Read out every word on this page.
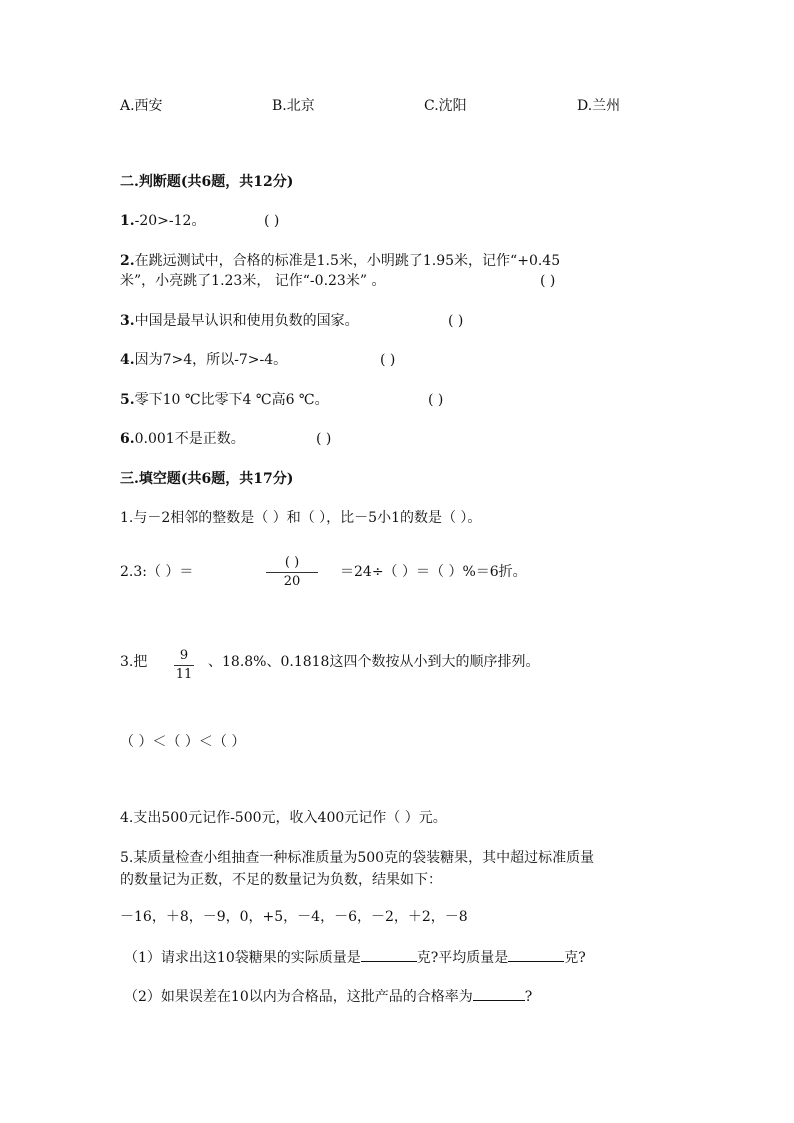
A.西安	B.北京	C.沈阳	D.兰州
二.判断题(共6题，共12分)
1.-20>-12。	( )
2.在跳远测试中，合格的标准是1.5米，小明跳了1.95米，记作“+0.45
米”，小亮跳了1.23米， 记作“-0.23米” 。	( )
3.中国是最早认识和使用负数的国家。	( )
4.因为7>4，所以-7>-4。	( )
5.零下10 ℃比零下4 ℃高6 ℃。	( )
6.0.001不是正数。	( )
三.填空题(共6题，共17分)
1.与－2相邻的整数是（ ）和（ ），比－5小1的数是（ ）。
2.3:（ ）＝
( )
20
＝24÷（ ）＝（ ）%＝6折。
3.把	9
11
、18.8%、0.1818这四个数按从小到大的顺序排列。
（ ）＜（ ）＜（ ）
4.支出500元记作-500元，收入400元记作（ ）元。
5.某质量检查小组抽查一种标准质量为500克的袋装糖果，其中超过标准质量
的数量记为正数，不足的数量记为负数，结果如下：
－16，＋8，－9，0，+5，－4，－6，－2，＋2，－8
（1）请求出这10袋糖果的实际质量是	克?平均质量是	克?
（2）如果误差在10以内为合格品，这批产品的合格率为	?
